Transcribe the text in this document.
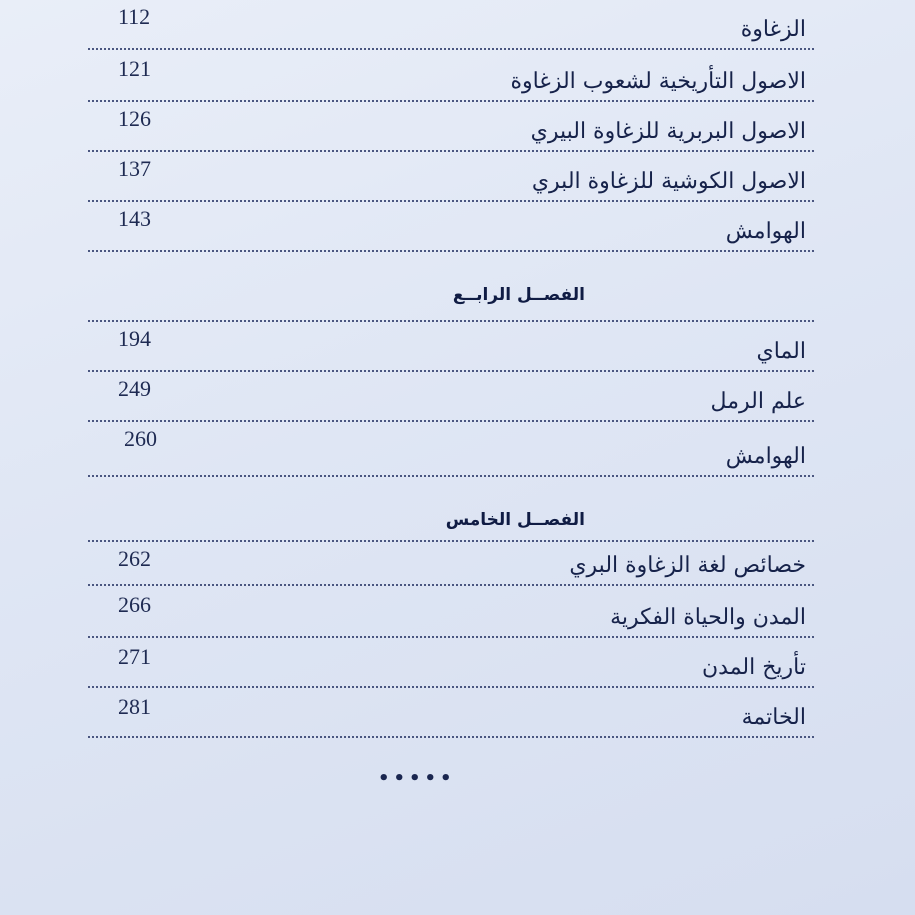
الزغاوة
112
الاصول التأريخية لشعوب الزغاوة
121
الاصول البربرية للزغاوة البيري
126
الاصول الكوشية للزغاوة البري
137
الهوامش
143
الفصــل الرابــع
الماي
194
علم الرمل
249
الهوامش
260
الفصــل الخامس
خصائص لغة الزغاوة البري
262
المدن والحياة الفكرية
266
تأريخ المدن
271
الخاتمة
281
•••••
